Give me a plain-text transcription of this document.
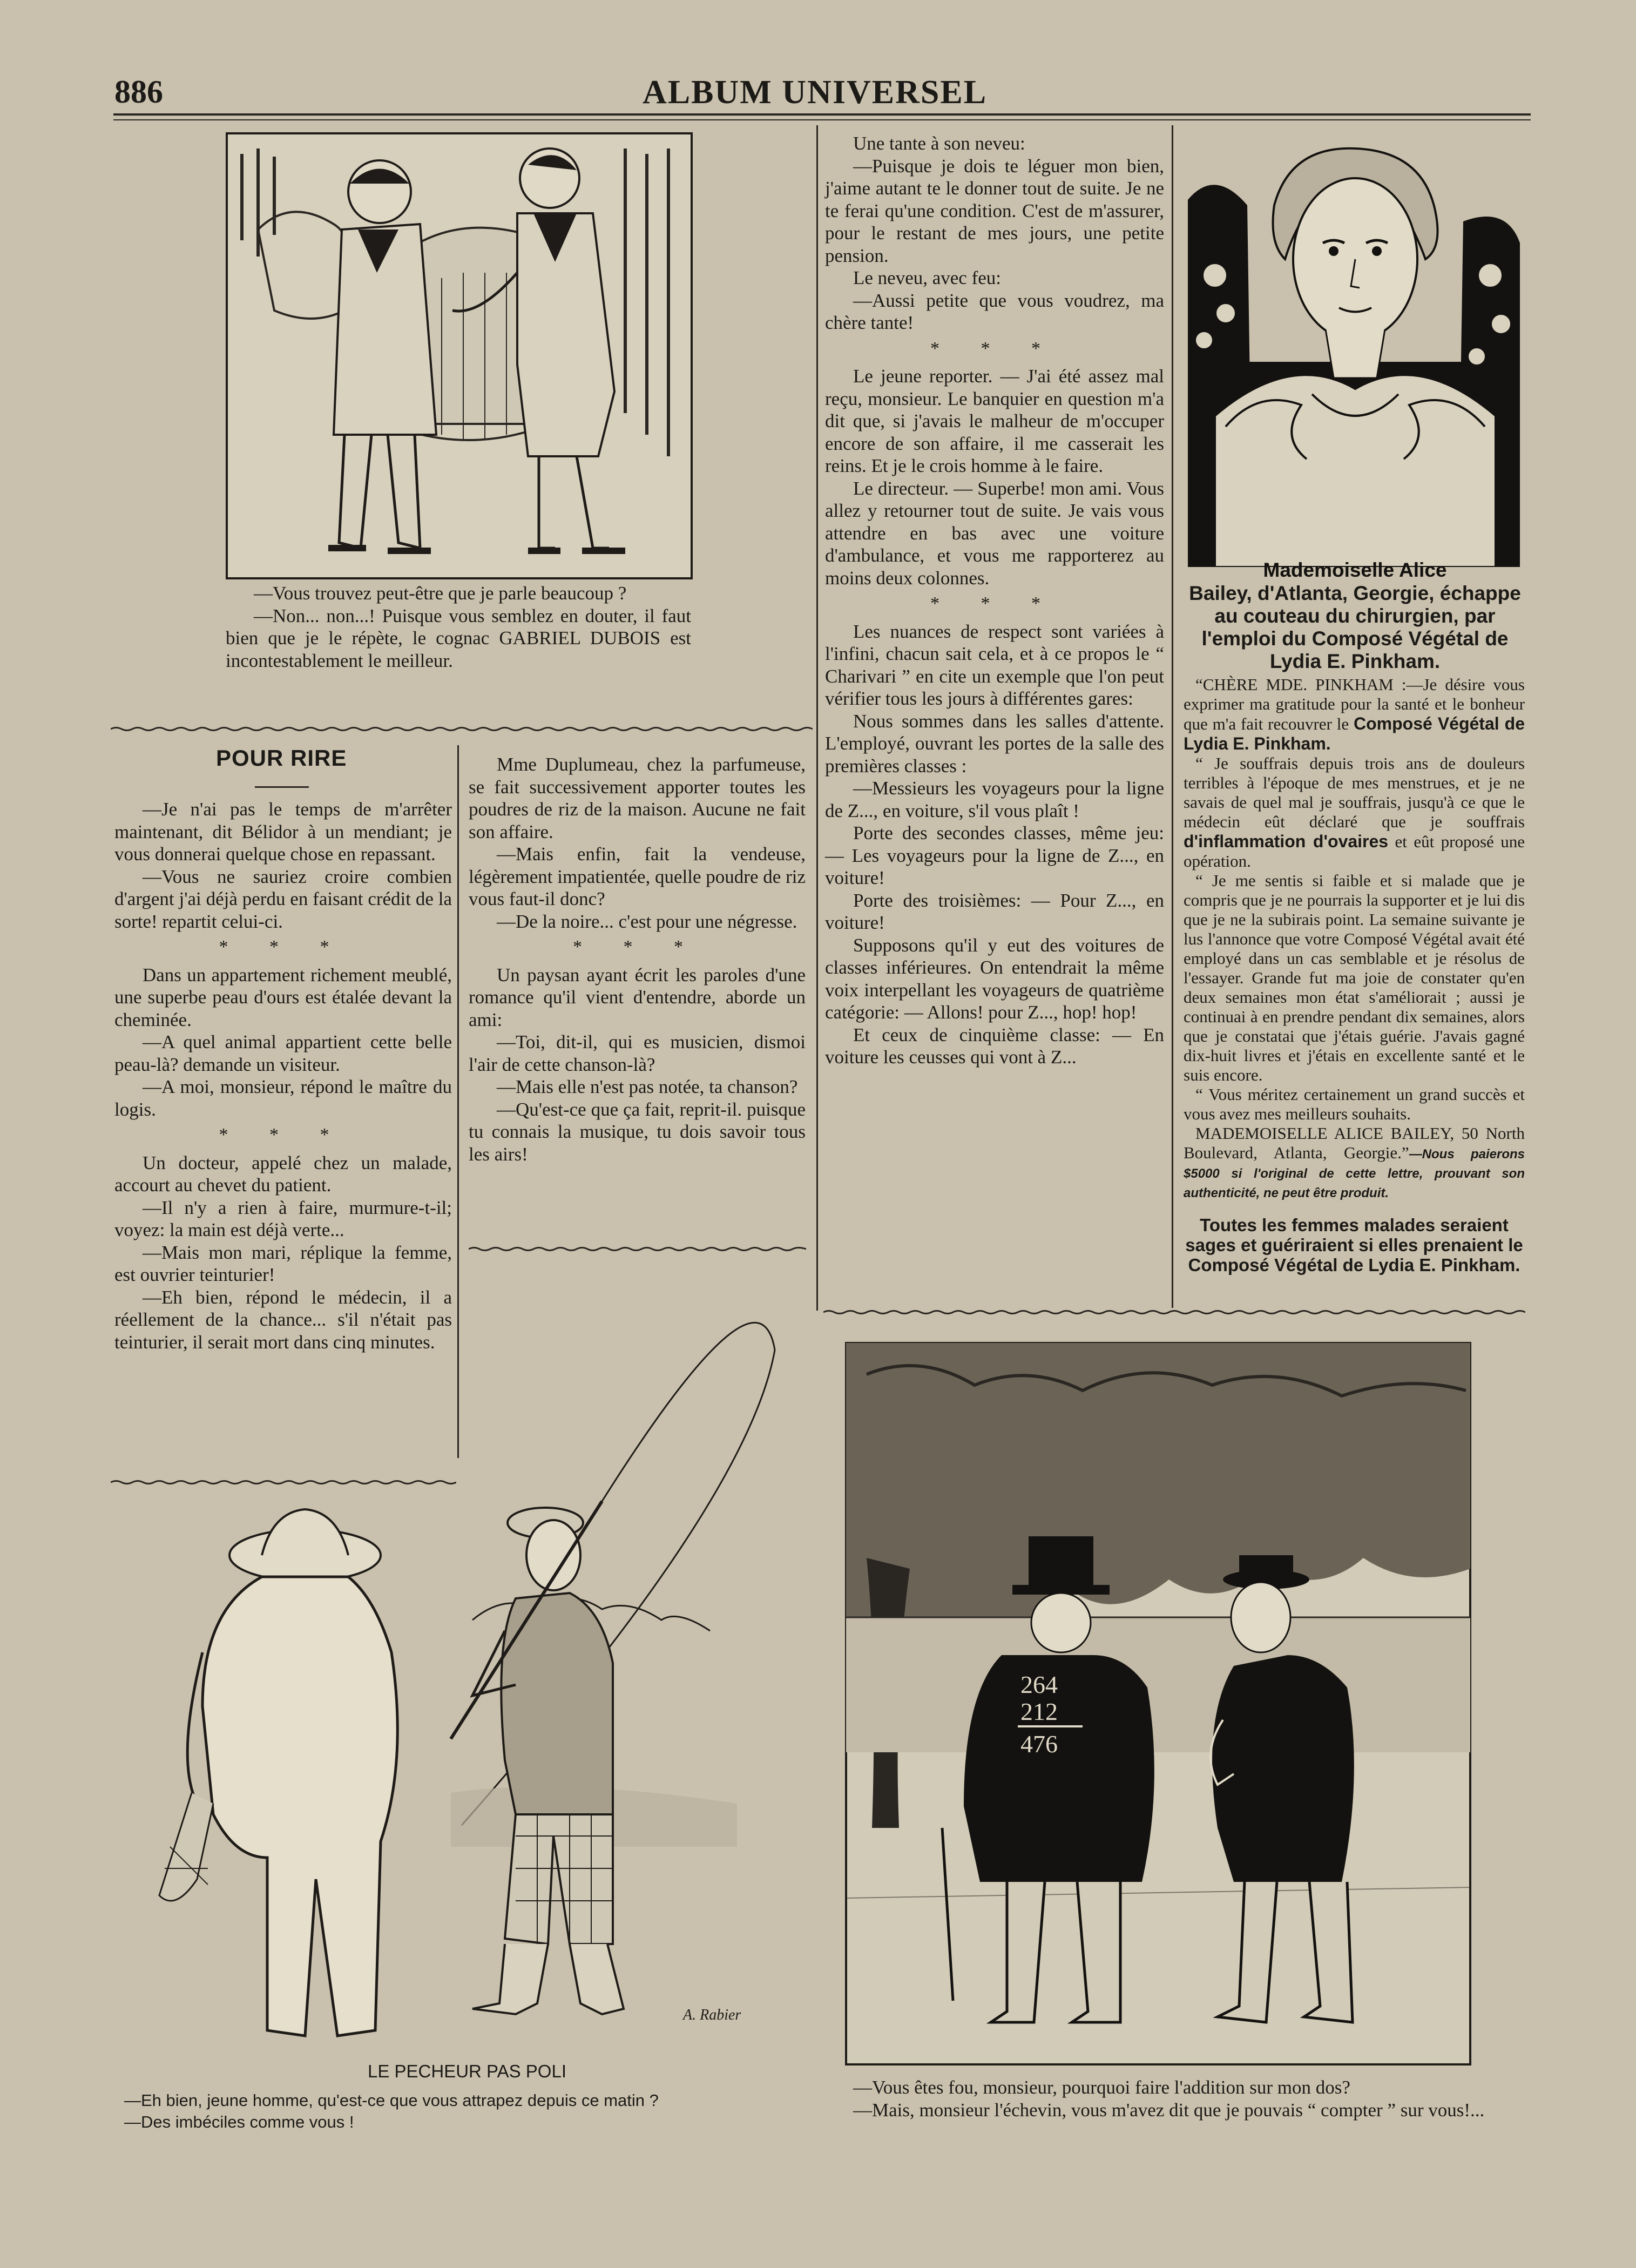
886	ALBUM UNIVERSEL

—Vous trouvez peut-être que je parle beaucoup ?

—Non... non...! Puisque vous semblez en douter, il faut bien que je le répète, le cognac GABRIEL DUBOIS est incontestablement le meilleur.

POUR RIRE

—Je n'ai pas le temps de m'arrêter maintenant, dit Bélidor à un mendiant; je vous donnerai quelque chose en repassant.

—Vous ne sauriez croire combien d'argent j'ai déjà perdu en faisant crédit de la sorte! repartit celui-ci.

* * *

Dans un appartement richement meublé, une superbe peau d'ours est étalée devant la cheminée.

—A quel animal appartient cette belle peau-là? demande un visiteur.

—A moi, monsieur, répond le maître du logis.

* * *

Un docteur, appelé chez un malade, accourt au chevet du patient.

—Il n'y a rien à faire, murmure-t-il; voyez: la main est déjà verte...

—Mais mon mari, réplique la femme, est ouvrier teinturier!

—Eh bien, répond le médecin, il a réellement de la chance... s'il n'était pas teinturier, il serait mort dans cinq minutes.

Mme Duplumeau, chez la parfumeuse, se fait successivement apporter toutes les poudres de riz de la maison. Aucune ne fait son affaire.

—Mais enfin, fait la vendeuse, légèrement impatientée, quelle poudre de riz vous faut-il donc?

—De la noire... c'est pour une négresse.

* * *

Un paysan ayant écrit les paroles d'une romance qu'il vient d'entendre, aborde un ami:

—Toi, dit-il, qui es musicien, dismoi l'air de cette chanson-là?

—Mais elle n'est pas notée, ta chanson?

—Qu'est-ce que ça fait, reprit-il. puisque tu connais la musique, tu dois savoir tous les airs!

Une tante à son neveu:

—Puisque je dois te léguer mon bien, j'aime autant te le donner tout de suite. Je ne te ferai qu'une condition. C'est de m'assurer, pour le restant de mes jours, une petite pension.

Le neveu, avec feu:

—Aussi petite que vous voudrez, ma chère tante!

* * *

Le jeune reporter. — J'ai été assez mal reçu, monsieur. Le banquier en question m'a dit que, si j'avais le malheur de m'occuper encore de son affaire, il me casserait les reins. Et je le crois homme à le faire.

Le directeur. — Superbe! mon ami. Vous allez y retourner tout de suite. Je vais vous attendre en bas avec une voiture d'ambulance, et vous me rapporterez au moins deux colonnes.

* * *

Les nuances de respect sont variées à l'infini, chacun sait cela, et à ce propos le “ Charivari ” en cite un exemple que l'on peut vérifier tous les jours à différentes gares:

Nous sommes dans les salles d'attente. L'employé, ouvrant les portes de la salle des premières classes :

—Messieurs les voyageurs pour la ligne de Z..., en voiture, s'il vous plaît !

Porte des secondes classes, même jeu: — Les voyageurs pour la ligne de Z..., en voiture!

Porte des troisièmes: — Pour Z..., en voiture!

Supposons qu'il y eut des voitures de classes inférieures. On entendrait la même voix interpellant les voyageurs de quatrième catégorie: — Allons! pour Z..., hop! hop!

Et ceux de cinquième classe: — En voiture les ceusses qui vont à Z...

Mademoiselle Alice
Bailey, d'Atlanta, Georgie, échappe au couteau du chirurgien, par l'emploi du Composé Végétal de Lydia E. Pinkham.

“CHÈRE MDE. PINKHAM :—Je désire vous exprimer ma gratitude pour la santé et le bonheur que m'a fait recouvrer le Composé Végétal de Lydia E. Pinkham.

“ Je souffrais depuis trois ans de douleurs terribles à l'époque de mes menstrues, et je ne savais de quel mal je souffrais, jusqu'à ce que le médecin eût déclaré que je souffrais d'inflammation d'ovaires et eût proposé une opération.

“ Je me sentis si faible et si malade que je compris que je ne pourrais la supporter et je lui dis que je ne la subirais point. La semaine suivante je lus l'annonce que votre Composé Végétal avait été employé dans un cas semblable et je résolus de l'essayer. Grande fut ma joie de constater qu'en deux semaines mon état s'améliorait ; aussi je continuai à en prendre pendant dix semaines, alors que je constatai que j'étais guérie. J'avais gagné dix-huit livres et j'étais en excellente santé et le suis encore.

“ Vous méritez certainement un grand succès et vous avez mes meilleurs souhaits.

MADEMOISELLE ALICE BAILEY, 50 North Boulevard, Atlanta, Georgie.”—Nous paierons $5000 si l'original de cette lettre, prouvant son authenticité, ne peut être produit.

Toutes les femmes malades seraient sages et guériraient si elles prenaient le Composé Végétal de Lydia E. Pinkham.
A. Rabier
LE PECHEUR PAS POLI
—Eh bien, jeune homme, qu'est-ce que vous attrapez depuis ce matin ?
—Des imbéciles comme vous !
264
212
476

—Vous êtes fou, monsieur, pourquoi faire l'addition sur mon dos?

—Mais, monsieur l'échevin, vous m'avez dit que je pouvais “ compter ” sur vous!...
